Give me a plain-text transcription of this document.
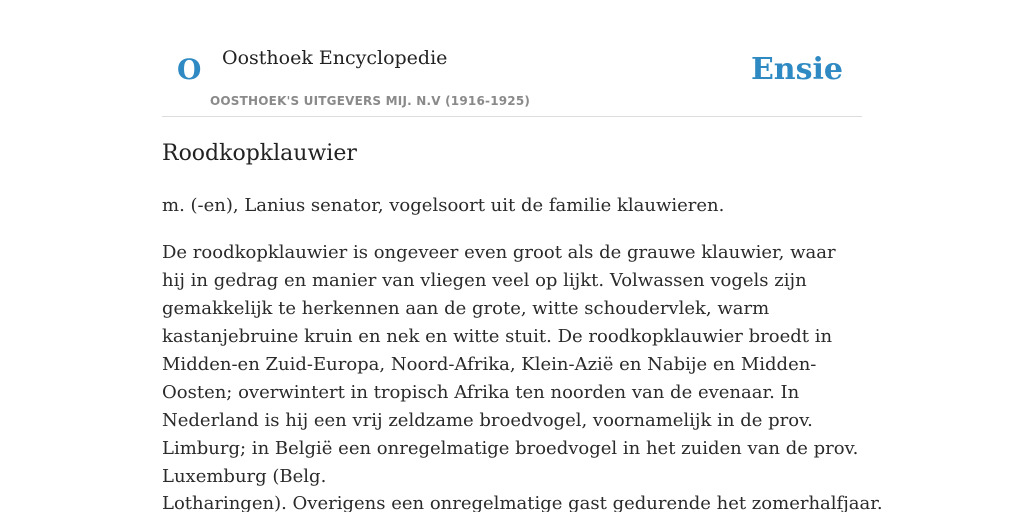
O Oosthoek Encyclopedie
OOSTHOEK'S UITGEVERS MIJ. N.V (1916-1925)
Ensie
Roodkopklauwier

m. (-en), Lanius senator, vogelsoort uit de familie klauwieren.

De roodkopklauwier is ongeveer even groot als de grauwe klauwier, waar hij in gedrag en manier van vliegen veel op lijkt. Volwassen vogels zijn gemakkelijk te herkennen aan de grote, witte schoudervlek, warm kastanjebruine kruin en nek en witte stuit. De roodkopklauwier broedt in Midden-en Zuid-Europa, Noord-Afrika, Klein-Azië en Nabije en Midden-Oosten; overwintert in tropisch Afrika ten noorden van de evenaar. In Nederland is hij een vrij zeldzame broedvogel, voornamelijk in de prov. Limburg; in België een onregelmatige broedvogel in het zuiden van de prov. Luxemburg (Belg.

Lotharingen). Overigens een onregelmatige gast gedurende het zomerhalfjaar.
